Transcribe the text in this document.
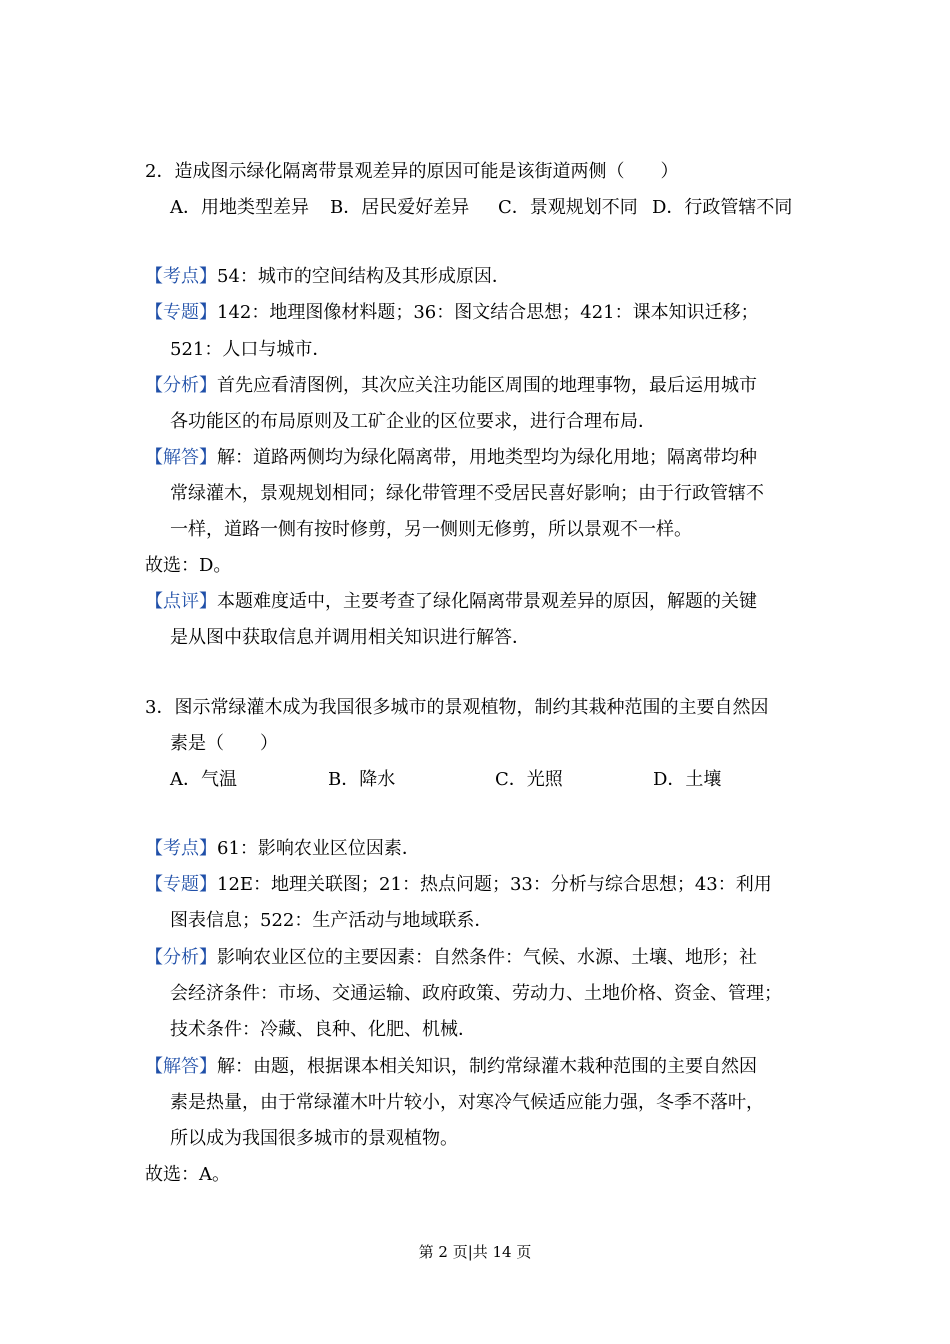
2．造成图示绿化隔离带景观差异的原因可能是该街道两侧（　　）
A．用地类型差异 B．居民爱好差异 C．景观规划不同 D．行政管辖不同
【考点】54：城市的空间结构及其形成原因．
【专题】142：地理图像材料题；36：图文结合思想；421：课本知识迁移；
521：人口与城市．
【分析】首先应看清图例，其次应关注功能区周围的地理事物，最后运用城市
各功能区的布局原则及工矿企业的区位要求，进行合理布局．
【解答】解：道路两侧均为绿化隔离带，用地类型均为绿化用地；隔离带均种
常绿灌木，景观规划相同；绿化带管理不受居民喜好影响；由于行政管辖不
一样，道路一侧有按时修剪，另一侧则无修剪，所以景观不一样。
故选：D。
【点评】本题难度适中，主要考查了绿化隔离带景观差异的原因，解题的关键
是从图中获取信息并调用相关知识进行解答．
3．图示常绿灌木成为我国很多城市的景观植物，制约其栽种范围的主要自然因
素是（　　）
A．气温	B．降水	C．光照	D．土壤
【考点】61：影响农业区位因素．
【专题】12E：地理关联图；21：热点问题；33：分析与综合思想；43：利用
图表信息；522：生产活动与地域联系．
【分析】影响农业区位的主要因素：自然条件：气候、水源、土壤、地形；社
会经济条件：市场、交通运输、政府政策、劳动力、土地价格、资金、管理；
技术条件：冷藏、良种、化肥、机械．
【解答】解：由题，根据课本相关知识，制约常绿灌木栽种范围的主要自然因
素是热量，由于常绿灌木叶片较小，对寒冷气候适应能力强，冬季不落叶，
所以成为我国很多城市的景观植物。
故选：A。
第 2 页|共 14 页
